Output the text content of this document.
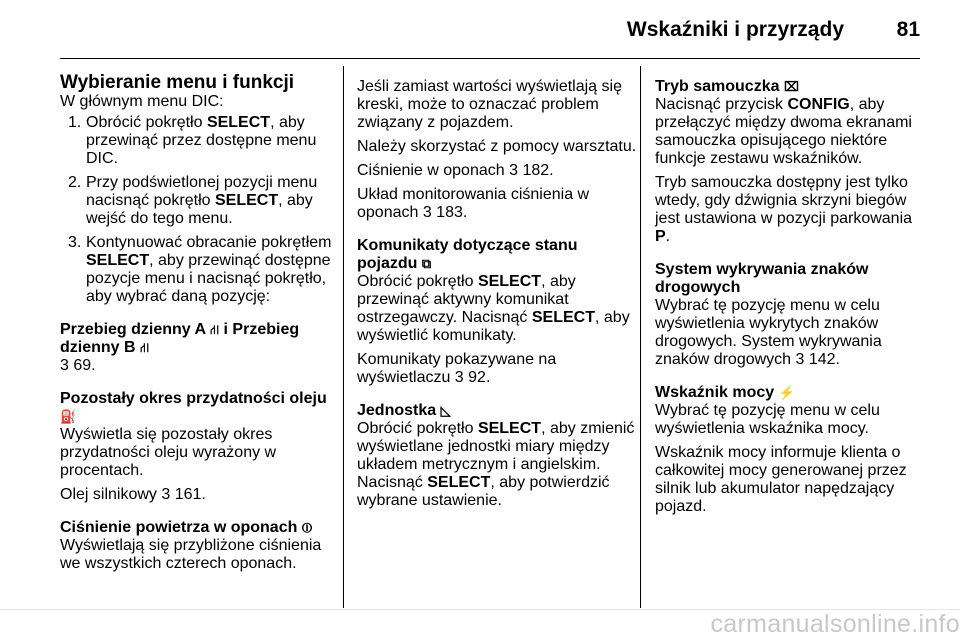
Wskaźniki i przyrządy	81

Wybieranie menu i funkcji

W głównym menu DIC:

1. Obrócić pokrętło SELECT, aby przewinąć przez dostępne menu DIC.
2. Przy podświetlonej pozycji menu nacisnąć pokrętło SELECT, aby wejść do tego menu.
3. Kontynuować obracanie pokrętłem SELECT, aby przewinąć dostępne pozycje menu i nacisnąć pokrętło, aby wybrać daną pozycję:

Przebieg dzienny A ⛙ i Przebieg dzienny B ⛙

3 69.

Pozostały okres przydatności oleju ⛽

Wyświetla się pozostały okres przydatności oleju wyrażony w procentach.

Olej silnikowy 3 161.

Ciśnienie powietrza w oponach ⏼

Wyświetlają się przybliżone ciśnienia we wszystkich czterech oponach.

Jeśli zamiast wartości wyświetlają się kreski, może to oznaczać problem związany z pojazdem.

Należy skorzystać z pomocy warsztatu.

Ciśnienie w oponach 3 182.

Układ monitorowania ciśnienia w oponach 3 183.

Komunikaty dotyczące stanu pojazdu ⧉

Obrócić pokrętło SELECT, aby przewinąć aktywny komunikat ostrzegawczy. Nacisnąć SELECT, aby wyświetlić komunikaty.

Komunikaty pokazywane na wyświetlaczu 3 92.

Jednostka ◺

Obrócić pokrętło SELECT, aby zmienić wyświetlane jednostki miary między układem metrycznym i angielskim. Nacisnąć SELECT, aby potwierdzić wybrane ustawienie.

Tryb samouczka ⌧

Nacisnąć przycisk CONFIG, aby przełączyć między dwoma ekranami samouczka opisującego niektóre funkcje zestawu wskaźników.

Tryb samouczka dostępny jest tylko wtedy, gdy dźwignia skrzyni biegów jest ustawiona w pozycji parkowania P.

System wykrywania znaków drogowych

Wybrać tę pozycję menu w celu wyświetlenia wykrytych znaków drogowych. System wykrywania znaków drogowych 3 142.

Wskaźnik mocy ⚡

Wybrać tę pozycję menu w celu wyświetlenia wskaźnika mocy.

Wskaźnik mocy informuje klienta o całkowitej mocy generowanej przez silnik lub akumulator napędzający pojazd.

carmanualsonline.info
